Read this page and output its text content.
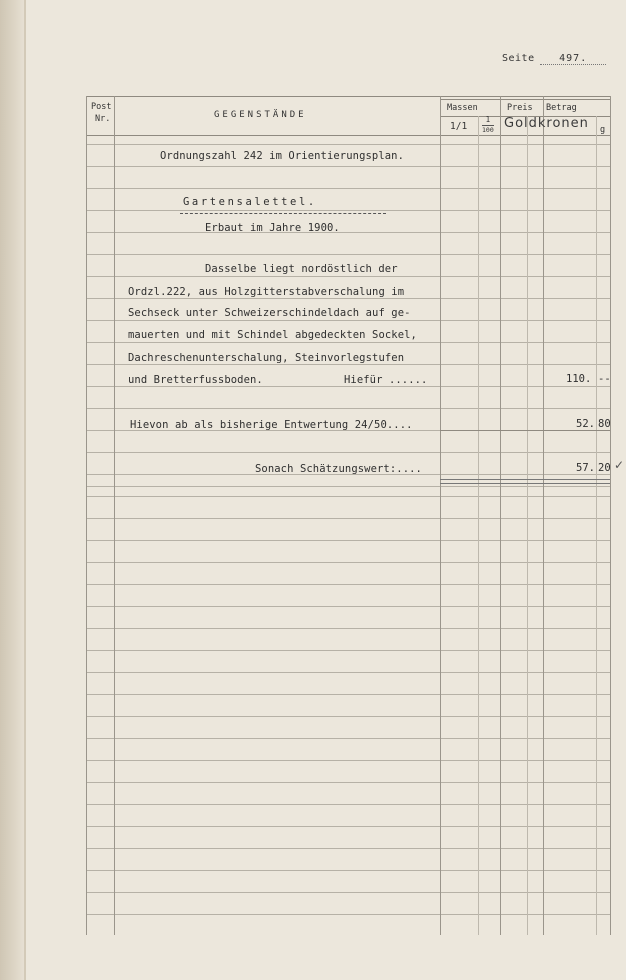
Seite 497.
Post
Nr.	GEGENSTÄNDE
Massen
$1/1 \frac{1}{100}$
Preis Betrag
Goldkronen g
Ordnungszahl 242 im Orientierungsplan.
Gartensalettel.
Erbaut im Jahre 1900.
Dasselbe liegt nordöstlich der
Ordzl.222, aus Holzgitterstabverschalung im
Sechseck unter Schweizerschindeldach auf ge-
mauerten und mit Schindel abgedeckten Sockel,
Dachreschenunterschalung, Steinvorlegstufen
und Bretterfussboden.	Hiefür ......
Hievon ab als bisherige Entwertung 24/50....
Sonach Schätzungswert:....
110. --
52. 80
57. 20 ✓
